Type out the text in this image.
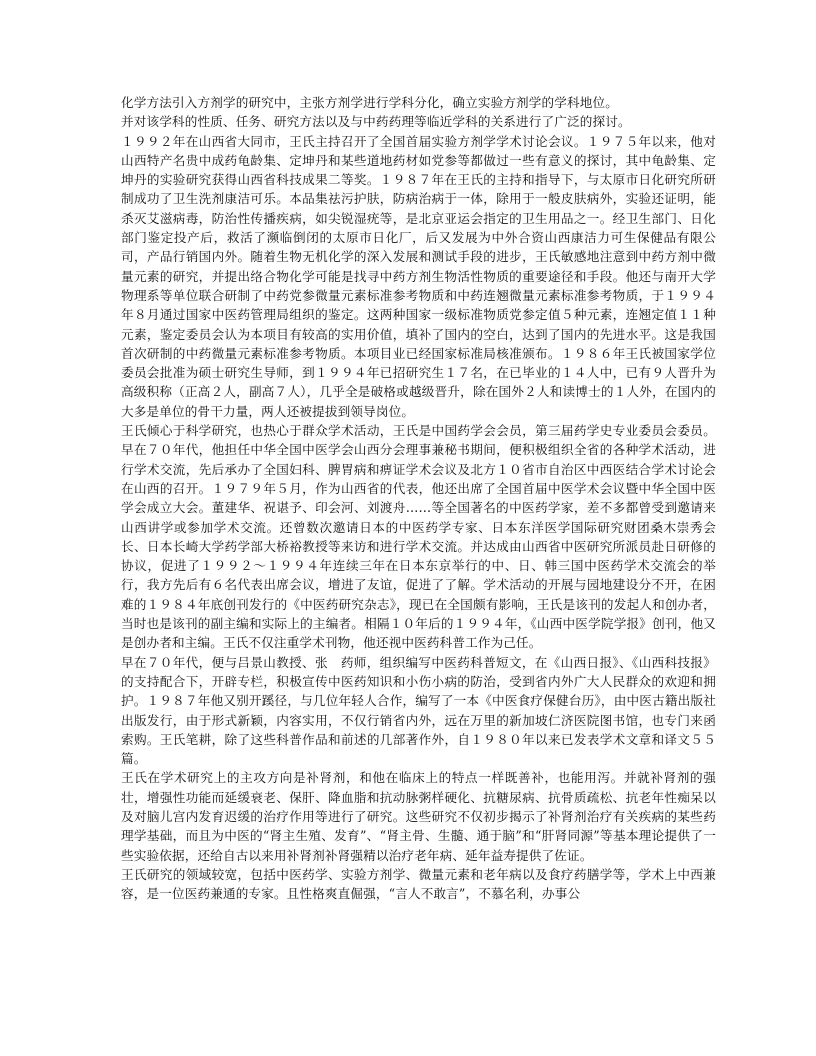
化学方法引入方剂学的研究中，主张方剂学进行学科分化，确立实验方剂学的学科地位。

并对该学科的性质、任务、研究方法以及与中药药理等临近学科的关系进行了广泛的探讨。

１９９２年在山西省大同市，王氏主持召开了全国首届实验方剂学学术讨论会议。１９７５年以来，他对山西特产名贵中成药龟龄集、定坤丹和某些道地药材如党参等都做过一些有意义的探讨，其中龟龄集、定坤丹的实验研究获得山西省科技成果二等奖。１９８７年在王氏的主持和指导下，与太原市日化研究所研制成功了卫生洗剂康洁可乐。本品集祛污护肤，防病治病于一体，除用于一般皮肤病外，实验还证明，能杀灭艾滋病毒，防治性传播疾病，如尖锐湿疣等，是北京亚运会指定的卫生用品之一。经卫生部门、日化部门鉴定投产后，救活了濒临倒闭的太原市日化厂，后又发展为中外合资山西康洁力可生保健品有限公司，产品行销国内外。随着生物无机化学的深入发展和测试手段的进步，王氏敏感地注意到中药方剂中微量元素的研究，并提出络合物化学可能是找寻中药方剂生物活性物质的重要途径和手段。他还与南开大学物理系等单位联合研制了中药党参微量元素标准参考物质和中药连翘微量元素标准参考物质，于１９９４年８月通过国家中医药管理局组织的鉴定。这两种国家一级标准物质党参定值５种元素，连翘定值１１种元素，鉴定委员会认为本项目有较高的实用价值，填补了国内的空白，达到了国内的先进水平。这是我国首次研制的中药微量元素标准参考物质。本项目业已经国家标准局核准颁布。１９８６年王氏被国家学位委员会批准为硕士研究生导师，到１９９４年已招研究生１７名，在已毕业的１４人中，已有９人晋升为高级积称（正高２人，副高７人），几乎全是破格或越级晋升，除在国外２人和读博士的１人外，在国内的大多是单位的骨干力量，两人还被提拔到领导岗位。

王氏倾心于科学研究，也热心于群众学术活动，王氏是中国药学会会员，第三届药学史专业委员会委员。早在７０年代，他担任中华全国中医学会山西分会理事兼秘书期间，便积极组织全省的各种学术活动，进行学术交流，先后承办了全国妇科、脾胃病和痹证学术会议及北方１０省市自治区中西医结合学术讨论会在山西的召开。１９７９年５月，作为山西省的代表，他还出席了全国首届中医学术会议暨中华全国中医学会成立大会。董建华、祝谌予、印会河、刘渡舟……等全国著名的中医药学家，差不多都曾受到邀请来山西讲学或参加学术交流。还曾数次邀请日本的中医药学专家、日本东洋医学国际研究财团桑木崇秀会长、日本长崎大学药学部大桥裕教授等来访和进行学术交流。并达成由山西省中医研究所派员赴日研修的协议，促进了１９９２～１９９４年连续三年在日本东京举行的中、日、韩三国中医药学术交流会的举行，我方先后有６名代表出席会议，增进了友谊，促进了了解。学术活动的开展与园地建设分不开，在困难的１９８４年底创刊发行的《中医药研究杂志》，现已在全国颇有影响，王氏是该刊的发起人和创办者，当时也是该刊的副主编和实际上的主编者。相隔１０年后的１９９４年，《山西中医学院学报》创刊，他又是创办者和主编。王氏不仅注重学术刊物，他还视中医药科普工作为己任。

早在７０年代，便与吕景山教授、张　药师，组织编写中医药科普短文，在《山西日报》、《山西科技报》的支持配合下，开辟专栏，积极宣传中医药知识和小伤小病的防治，受到省内外广大人民群众的欢迎和拥护。１９８７年他又别开蹊径，与几位年轻人合作，编写了一本《中医食疗保健台历》，由中医古籍出版社出版发行，由于形式新颖，内容实用，不仅行销省内外，远在万里的新加坡仁济医院图书馆，也专门来函索购。王氏笔耕，除了这些科普作品和前述的几部著作外，自１９８０年以来已发表学术文章和译文５５篇。

王氏在学术研究上的主攻方向是补肾剂，和他在临床上的特点一样既善补，也能用泻。并就补肾剂的强壮，增强性功能而延缓衰老、保肝、降血脂和抗动脉粥样硬化、抗糖尿病、抗骨质疏松、抗老年性痴呆以及对脑儿宫内发育迟缓的治疗作用等进行了研究。这些研究不仅初步揭示了补肾剂治疗有关疾病的某些药理学基础，而且为中医的“肾主生殖、发育”、“肾主骨、生髓、通于脑”和“肝肾同源”等基本理论提供了一些实验依据，还给自古以来用补肾剂补肾强精以治疗老年病、延年益寿提供了佐证。

王氏研究的领域较宽，包括中医药学、实验方剂学、微量元素和老年病以及食疗药膳学等，学术上中西兼容，是一位医药兼通的专家。且性格爽直倔强，“言人不敢言”，不慕名利，办事公
